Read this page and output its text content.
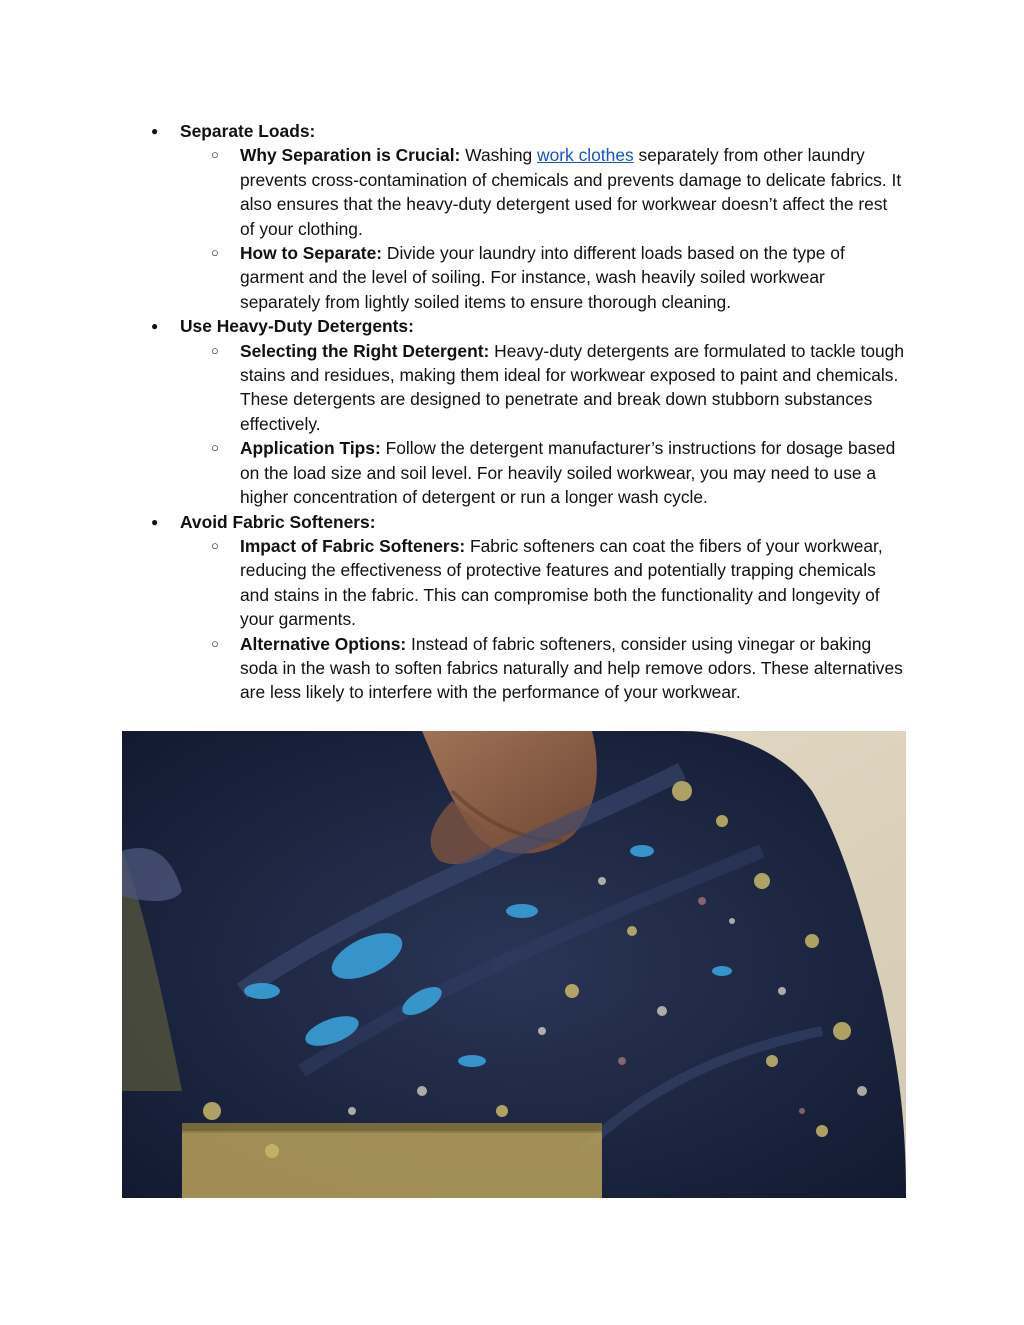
● Separate Loads:
○ Why Separation is Crucial: Washing work clothes separately from other laundry prevents cross-contamination of chemicals and prevents damage to delicate fabrics. It also ensures that the heavy-duty detergent used for workwear doesn’t affect the rest of your clothing.
○ How to Separate: Divide your laundry into different loads based on the type of garment and the level of soiling. For instance, wash heavily soiled workwear separately from lightly soiled items to ensure thorough cleaning.
● Use Heavy-Duty Detergents:
○ Selecting the Right Detergent: Heavy-duty detergents are formulated to tackle tough stains and residues, making them ideal for workwear exposed to paint and chemicals. These detergents are designed to penetrate and break down stubborn substances effectively.
○ Application Tips: Follow the detergent manufacturer’s instructions for dosage based on the load size and soil level. For heavily soiled workwear, you may need to use a higher concentration of detergent or run a longer wash cycle.
● Avoid Fabric Softeners:
○ Impact of Fabric Softeners: Fabric softeners can coat the fibers of your workwear, reducing the effectiveness of protective features and potentially trapping chemicals and stains in the fabric. This can compromise both the functionality and longevity of your garments.
○ Alternative Options: Instead of fabric softeners, consider using vinegar or baking soda in the wash to soften fabrics naturally and help remove odors. These alternatives are less likely to interfere with the performance of your workwear.
